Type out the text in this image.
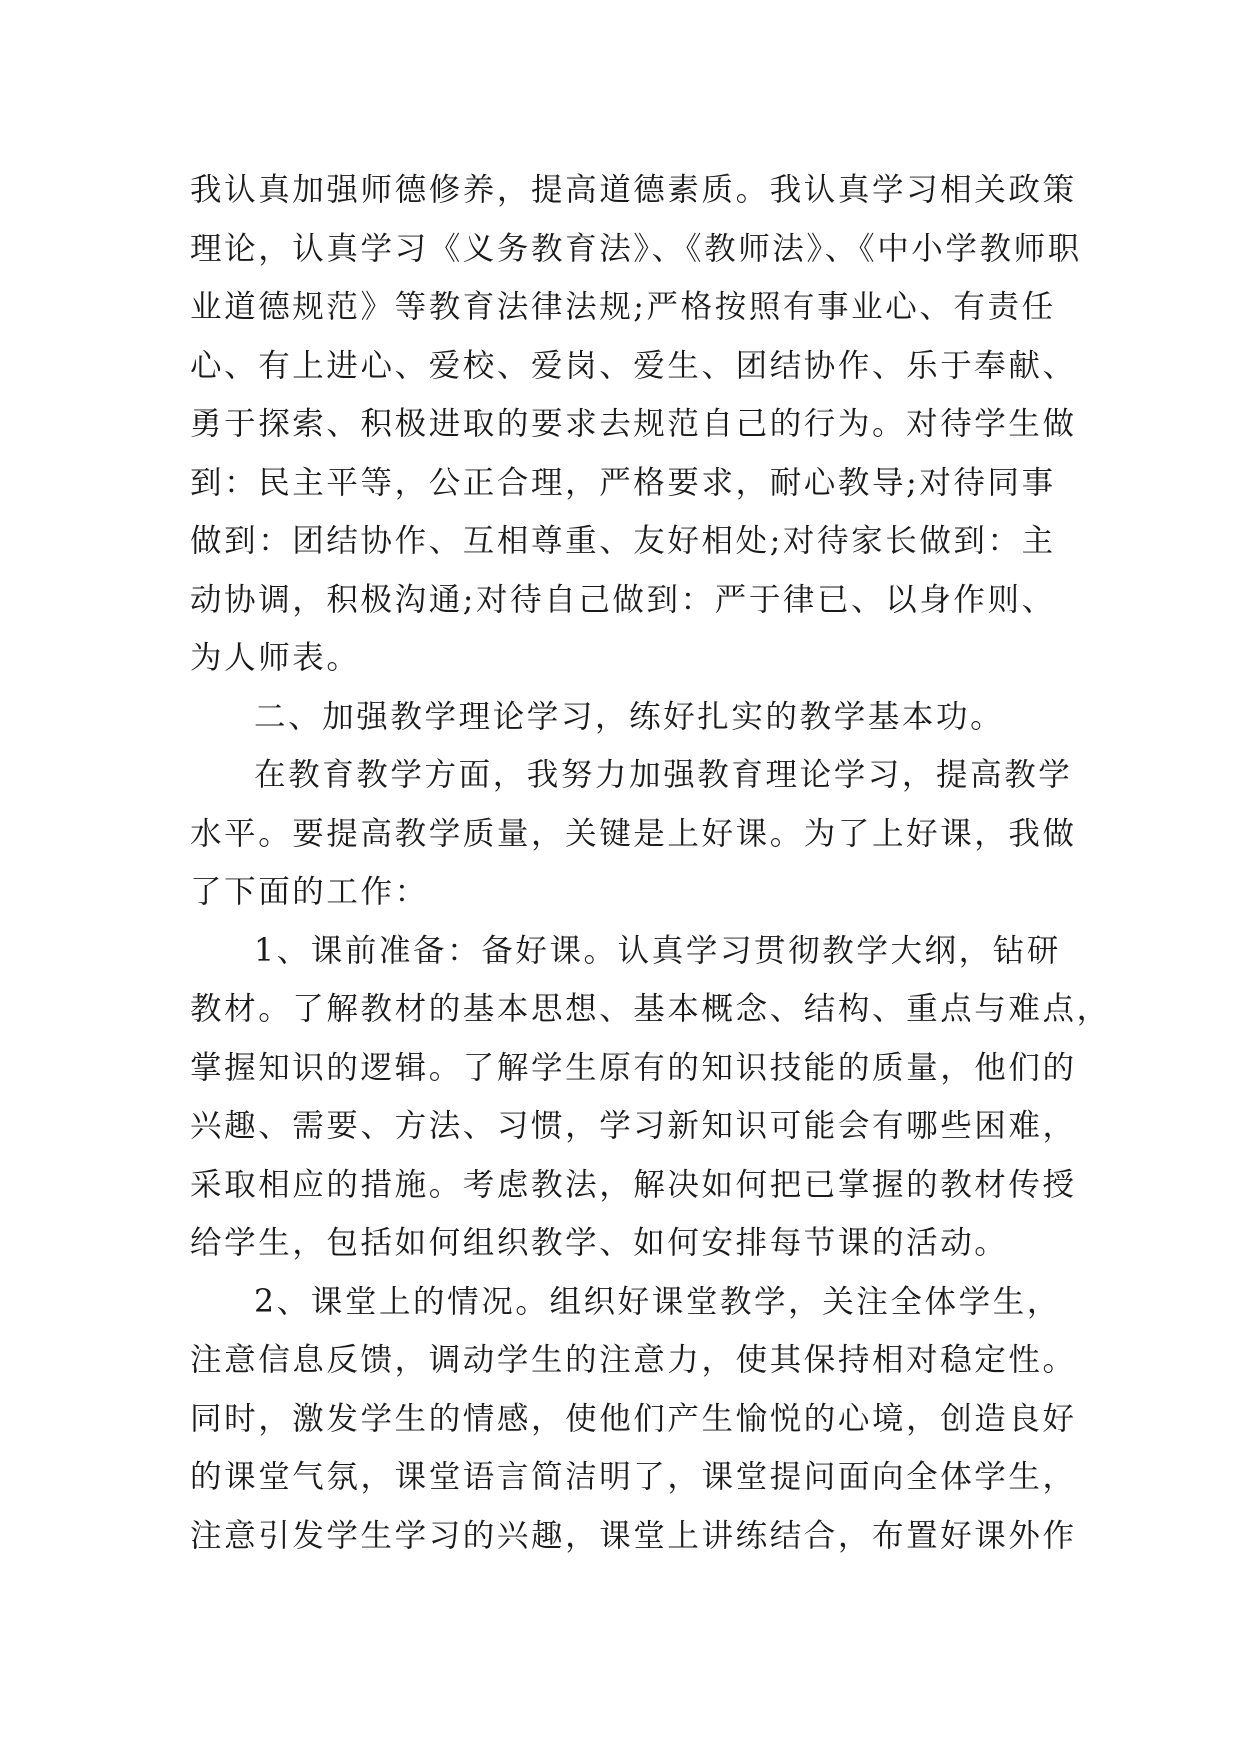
我认真加强师德修养，提高道德素质。我认真学习相关政策
理论，认真学习《义务教育法》、《教师法》、《中小学教师职
业道德规范》等教育法律法规;严格按照有事业心、有责任
心、有上进心、爱校、爱岗、爱生、团结协作、乐于奉献、
勇于探索、积极进取的要求去规范自己的行为。对待学生做
到：民主平等，公正合理，严格要求，耐心教导;对待同事
做到：团结协作、互相尊重、友好相处;对待家长做到：主
动协调，积极沟通;对待自己做到：严于律已、以身作则、
为人师表。
二、加强教学理论学习，练好扎实的教学基本功。
在教育教学方面，我努力加强教育理论学习，提高教学
水平。要提高教学质量，关键是上好课。为了上好课，我做
了下面的工作：
1、课前准备：备好课。认真学习贯彻教学大纲，钻研
教材。了解教材的基本思想、基本概念、结构、重点与难点，
掌握知识的逻辑。了解学生原有的知识技能的质量，他们的
兴趣、需要、方法、习惯，学习新知识可能会有哪些困难，
采取相应的措施。考虑教法，解决如何把已掌握的教材传授
给学生，包括如何组织教学、如何安排每节课的活动。
2、课堂上的情况。组织好课堂教学，关注全体学生，
注意信息反馈，调动学生的注意力，使其保持相对稳定性。
同时，激发学生的情感，使他们产生愉悦的心境，创造良好
的课堂气氛，课堂语言简洁明了，课堂提问面向全体学生，
注意引发学生学习的兴趣，课堂上讲练结合，布置好课外作
